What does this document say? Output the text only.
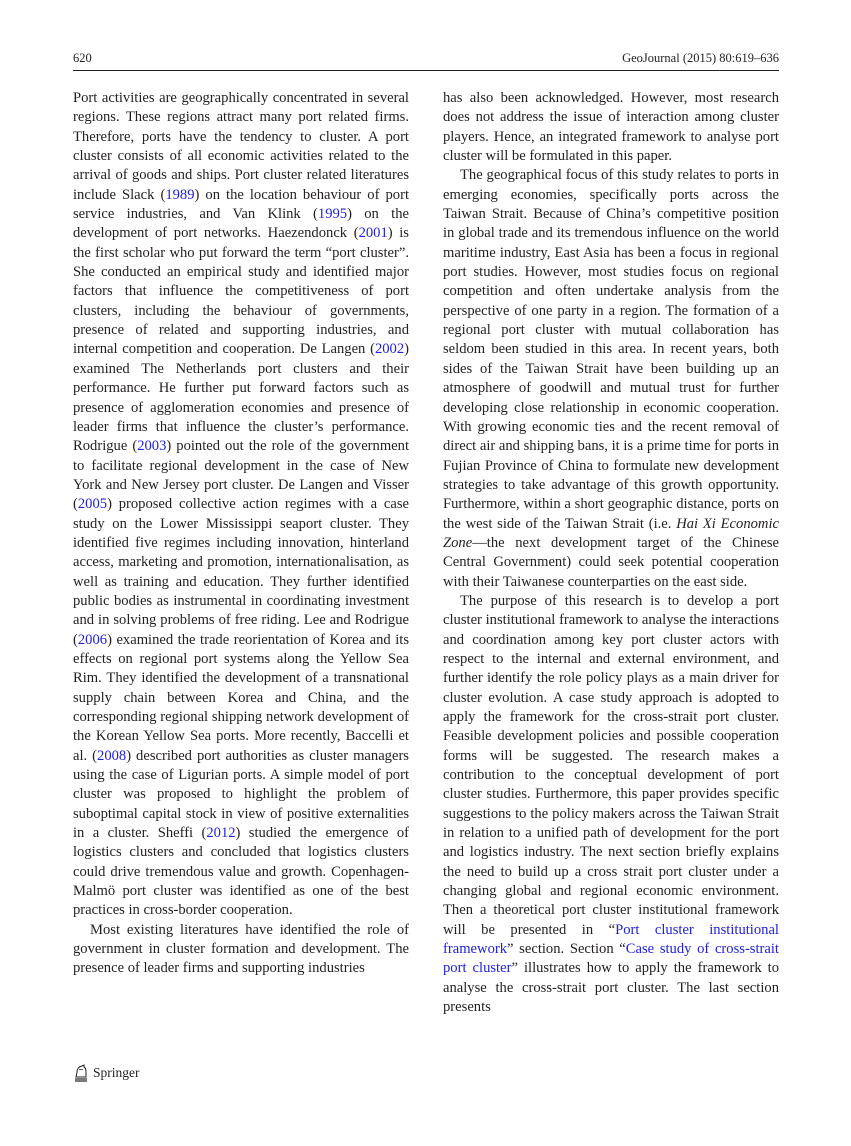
620	GeoJournal (2015) 80:619–636

Port activities are geographically concentrated in several regions. These regions attract many port related firms. Therefore, ports have the tendency to cluster. A port cluster consists of all economic activities related to the arrival of goods and ships. Port cluster related literatures include Slack (1989) on the location behaviour of port service industries, and Van Klink (1995) on the development of port networks. Haezendonck (2001) is the first scholar who put forward the term “port cluster”. She conducted an empirical study and identified major factors that influence the competitiveness of port clusters, including the behaviour of governments, presence of related and supporting industries, and internal competition and cooperation. De Langen (2002) examined The Netherlands port clusters and their performance. He further put forward factors such as presence of agglomeration economies and presence of leader firms that influence the cluster’s performance. Rodrigue (2003) pointed out the role of the government to facilitate regional development in the case of New York and New Jersey port cluster. De Langen and Visser (2005) proposed collective action regimes with a case study on the Lower Mississippi seaport cluster. They identified five regimes including innovation, hinterland access, marketing and promotion, internationalisation, as well as training and education. They further identified public bodies as instrumental in coordinating investment and in solving problems of free riding. Lee and Rodrigue (2006) examined the trade reorientation of Korea and its effects on regional port systems along the Yellow Sea Rim. They identified the development of a transnational supply chain between Korea and China, and the corresponding regional shipping network development of the Korean Yellow Sea ports. More recently, Baccelli et al. (2008) described port authorities as cluster managers using the case of Ligurian ports. A simple model of port cluster was proposed to highlight the problem of suboptimal capital stock in view of positive externalities in a cluster. Sheffi (2012) studied the emergence of logistics clusters and concluded that logistics clusters could drive tremendous value and growth. Copenhagen-Malmö port cluster was identified as one of the best practices in cross-border cooperation.

Most existing literatures have identified the role of government in cluster formation and development. The presence of leader firms and supporting industries

has also been acknowledged. However, most research does not address the issue of interaction among cluster players. Hence, an integrated framework to analyse port cluster will be formulated in this paper.

The geographical focus of this study relates to ports in emerging economies, specifically ports across the Taiwan Strait. Because of China’s competitive position in global trade and its tremendous influence on the world maritime industry, East Asia has been a focus in regional port studies. However, most studies focus on regional competition and often undertake analysis from the perspective of one party in a region. The formation of a regional port cluster with mutual collaboration has seldom been studied in this area. In recent years, both sides of the Taiwan Strait have been building up an atmosphere of goodwill and mutual trust for further developing close relationship in economic cooperation. With growing economic ties and the recent removal of direct air and shipping bans, it is a prime time for ports in Fujian Province of China to formulate new development strategies to take advantage of this growth opportunity. Furthermore, within a short geographic distance, ports on the west side of the Taiwan Strait (i.e. Hai Xi Economic Zone—the next development target of the Chinese Central Government) could seek potential cooperation with their Taiwanese counterparties on the east side.

The purpose of this research is to develop a port cluster institutional framework to analyse the interactions and coordination among key port cluster actors with respect to the internal and external environment, and further identify the role policy plays as a main driver for cluster evolution. A case study approach is adopted to apply the framework for the cross-strait port cluster. Feasible development policies and possible cooperation forms will be suggested. The research makes a contribution to the conceptual development of port cluster studies. Furthermore, this paper provides specific suggestions to the policy makers across the Taiwan Strait in relation to a unified path of development for the port and logistics industry. The next section briefly explains the need to build up a cross strait port cluster under a changing global and regional economic environment. Then a theoretical port cluster institutional framework will be presented in “Port cluster institutional framework” section. Section “Case study of cross-strait port cluster” illustrates how to apply the framework to analyse the cross-strait port cluster. The last section presents

Springer
